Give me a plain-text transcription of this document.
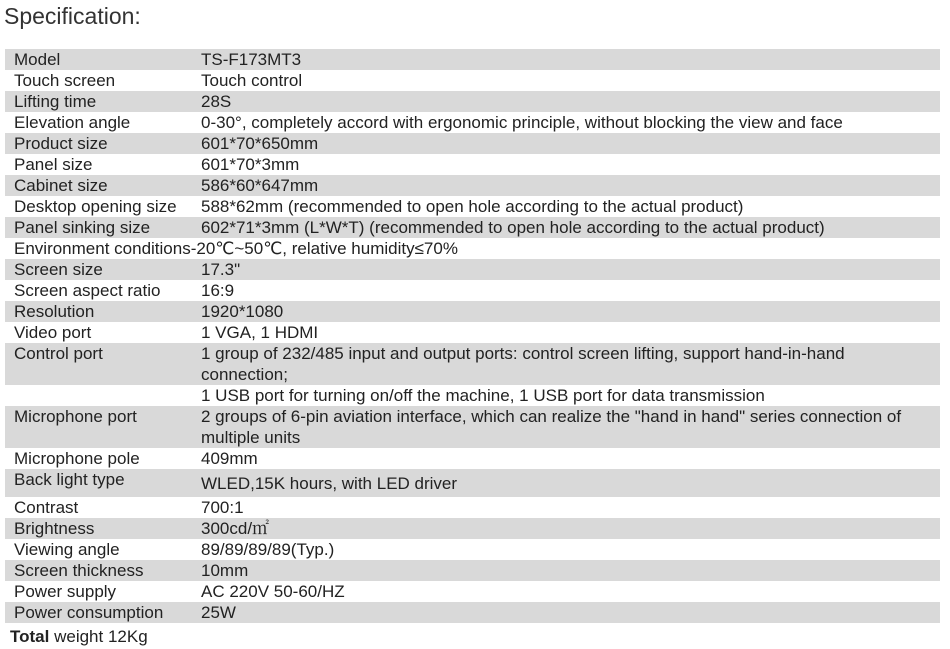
Specification:
Model	TS-F173MT3
Touch screen	Touch control
Lifting time	28S
Elevation angle	0-30°, completely accord with ergonomic principle, without blocking the view and face
Product size	601*70*650mm
Panel size	601*70*3mm
Cabinet size	586*60*647mm
Desktop opening size	588*62mm (recommended to open hole according to the actual product)
Panel sinking size	602*71*3mm (L*W*T) (recommended to open hole according to the actual product)
Environment conditions -20℃~50℃, relative humidity≤70%
Screen size	17.3"
Screen aspect ratio	16:9
Resolution	1920*1080
Video port	1 VGA, 1 HDMI
Control port	1 group of 232/485 input and output ports: control screen lifting, support hand-in-hand connection;
1 USB port for turning on/off the machine, 1 USB port for data transmission
Microphone port	2 groups of 6-pin aviation interface, which can realize the "hand in hand" series connection of multiple units
Microphone pole	409mm
Back light type	WLED,15K hours, with LED driver
Contrast	700:1
Brightness	300cd/㎡
Viewing angle	89/89/89/89(Typ.)
Screen thickness	10mm
Power supply	AC 220V 50-60/HZ
Power consumption	25W
Total weight 12Kg
